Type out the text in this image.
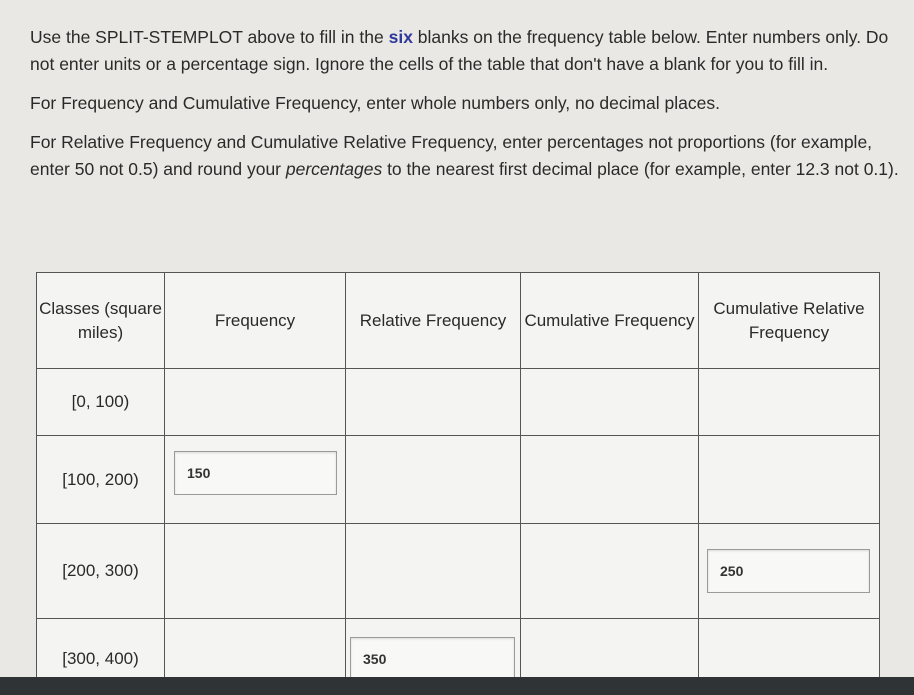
Use the SPLIT-STEMPLOT above to fill in the six blanks on the frequency table below. Enter numbers only. Do not enter units or a percentage sign. Ignore the cells of the table that don't have a blank for you to fill in.

For Frequency and Cumulative Frequency, enter whole numbers only, no decimal places.

For Relative Frequency and Cumulative Relative Frequency, enter percentages not proportions (for example, enter 50 not 0.5) and round your percentages to the nearest first decimal place (for example, enter 12.3 not 0.1).

Classes (square miles)
Frequency	Relative Frequency	Cumulative Frequency
Cumulative Relative Frequency
[0, 100)
[100, 200)
[200, 300)
[300, 400)
150
250
350
